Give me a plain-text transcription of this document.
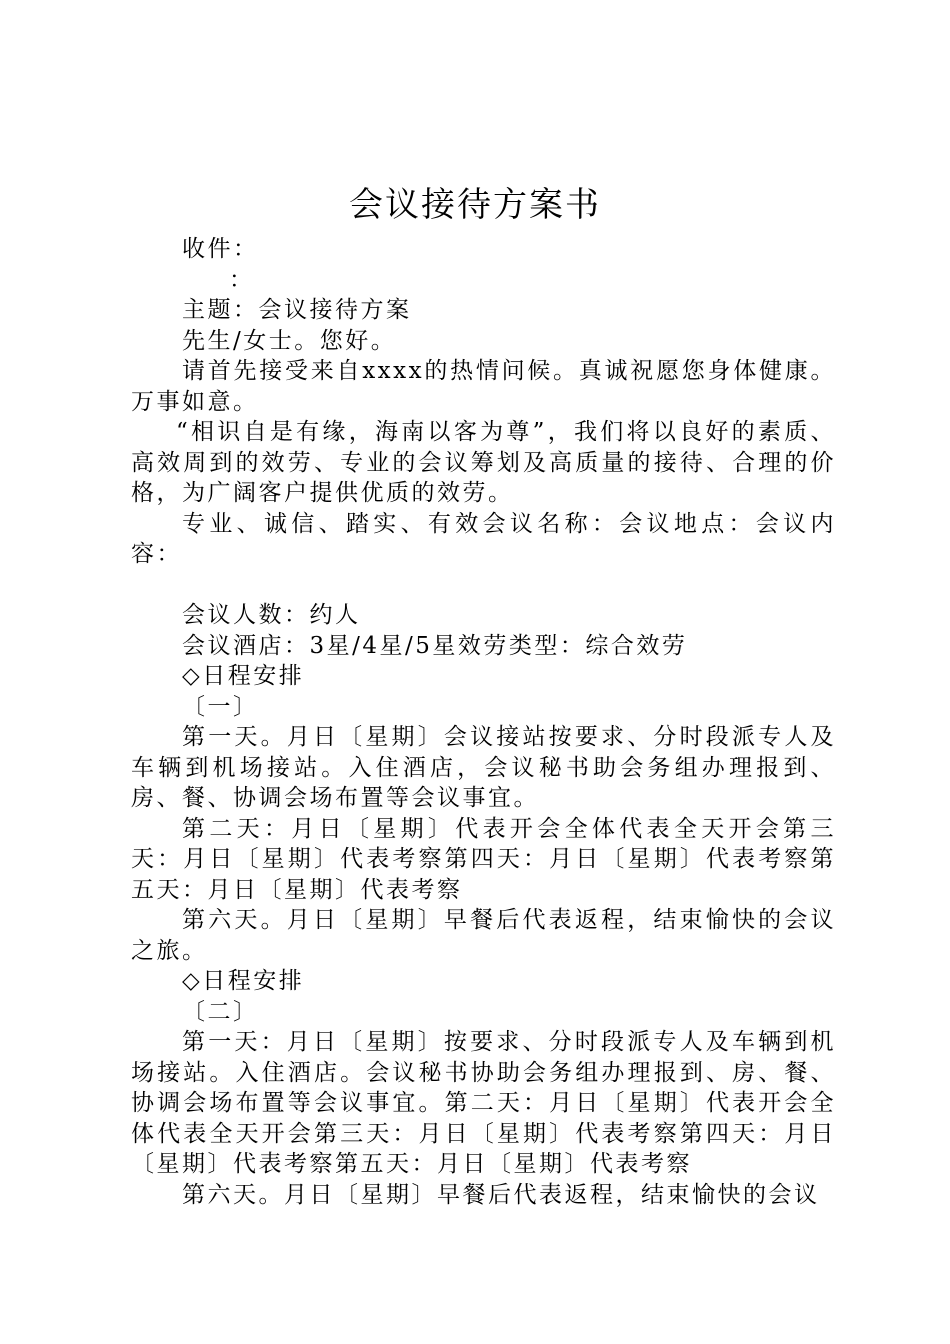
会议接待方案书

收件：

：

主题：会议接待方案

先生/女士。您好。

请首先接受来自xxxx的热情问候。真诚祝愿您身体健康。万事如意。

“相识自是有缘，海南以客为尊”，我们将以良好的素质、高效周到的效劳、专业的会议筹划及高质量的接待、合理的价格，为广阔客户提供优质的效劳。

专业、诚信、踏实、有效会议名称：会议地点：会议内容：

会议人数：约人

会议酒店：3星/4星/5星效劳类型：综合效劳

◇日程安排

〔一〕

第一天。月日〔星期〕会议接站按要求、分时段派专人及车辆到机场接站。入住酒店，会议秘书助会务组办理报到、房、餐、协调会场布置等会议事宜。

第二天：月日〔星期〕代表开会全体代表全天开会第三天：月日〔星期〕代表考察第四天：月日〔星期〕代表考察第五天：月日〔星期〕代表考察

第六天。月日〔星期〕早餐后代表返程，结束愉快的会议之旅。

◇日程安排

〔二〕

第一天：月日〔星期〕按要求、分时段派专人及车辆到机场接站。入住酒店。会议秘书协助会务组办理报到、房、餐、协调会场布置等会议事宜。第二天：月日〔星期〕代表开会全体代表全天开会第三天：月日〔星期〕代表考察第四天：月日〔星期〕代表考察第五天：月日〔星期〕代表考察

第六天。月日〔星期〕早餐后代表返程，结束愉快的会议
